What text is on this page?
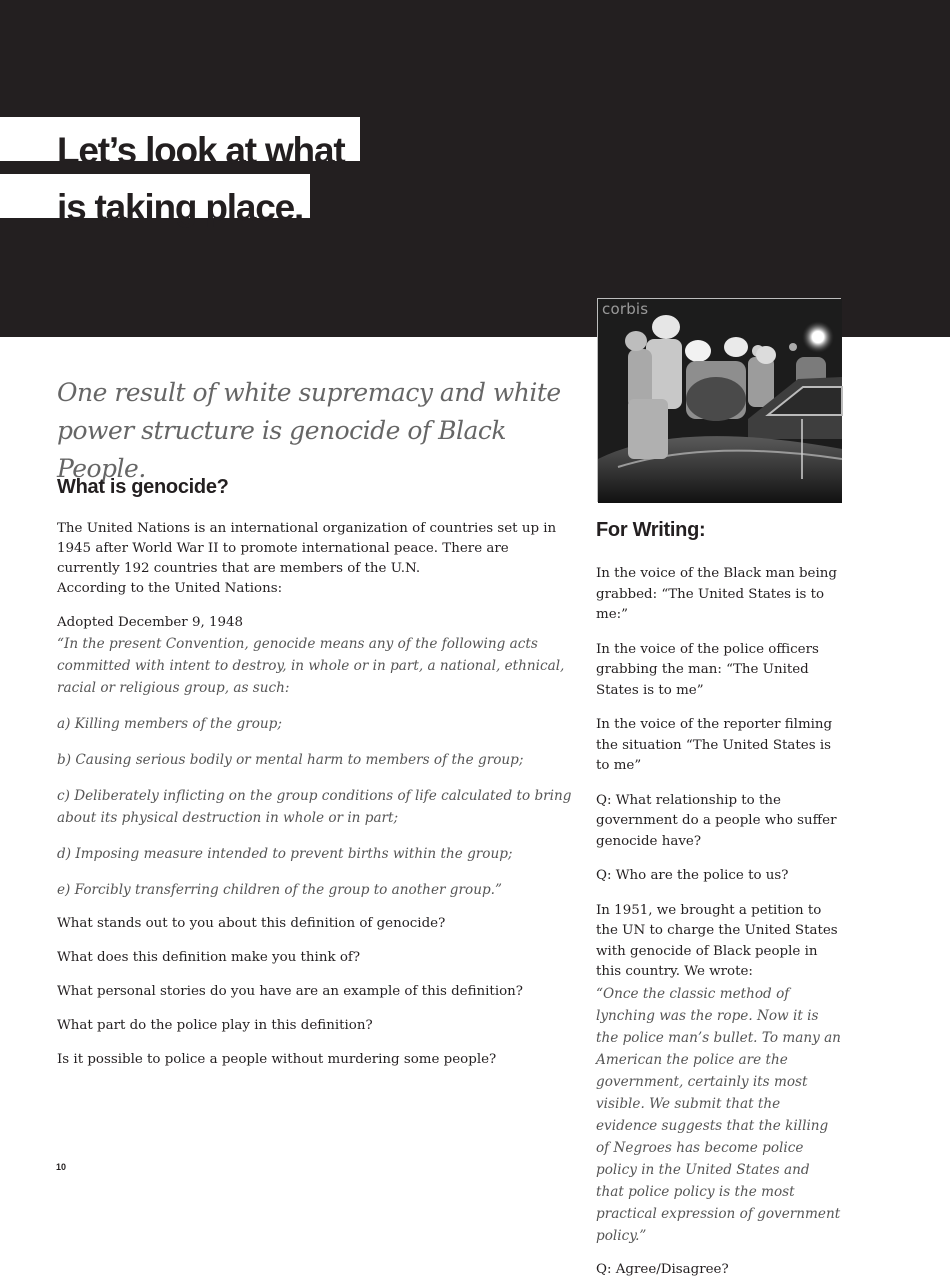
Let’s look at what
is taking place.
corbis
One result of white supremacy and white power structure is genocide of Black People.
What is genocide?

The United Nations is an international organization of countries set up in 1945 after World War II to promote international peace. There are currently 192 countries that are members of the U.N.

According to the United Nations:

Adopted December 9, 1948

“In the present Convention, genocide means any of the following acts committed with intent to destroy, in whole or in part, a national, ethnical, racial or religious group, as such:

a) Killing members of the group;

b) Causing serious bodily or mental harm to members of the group;

c) Deliberately inflicting on the group conditions of life calculated to bring about its physical destruction in whole or in part;

d) Imposing measure intended to prevent births within the group;

e) Forcibly transferring children of the group to another group.”

What stands out to you about this definition of genocide?

What does this definition make you think of?

What personal stories do you have are an example of this definition?

What part do the police play in this definition?

Is it possible to police a people without murdering some people?

For Writing:

In the voice of the Black man being grabbed: “The United States is to me:”

In the voice of the police officers grabbing the man: “The United States is to me”

In the voice of the reporter filming the situation “The United States is to me”

Q: What relationship to the government do a people who suffer genocide have?

Q: Who are the police to us?

In 1951, we brought a petition to the UN to charge the United States with genocide of Black people in this country. We wrote:

“Once the classic method of lynching was the rope. Now it is the police man’s bullet. To many an American the police are the government, certainly its most visible. We submit that the evidence suggests that the killing of Negroes has become police policy in the United States and that police policy is the most practical expression of government policy.”

Q: Agree/Disagree?

10
